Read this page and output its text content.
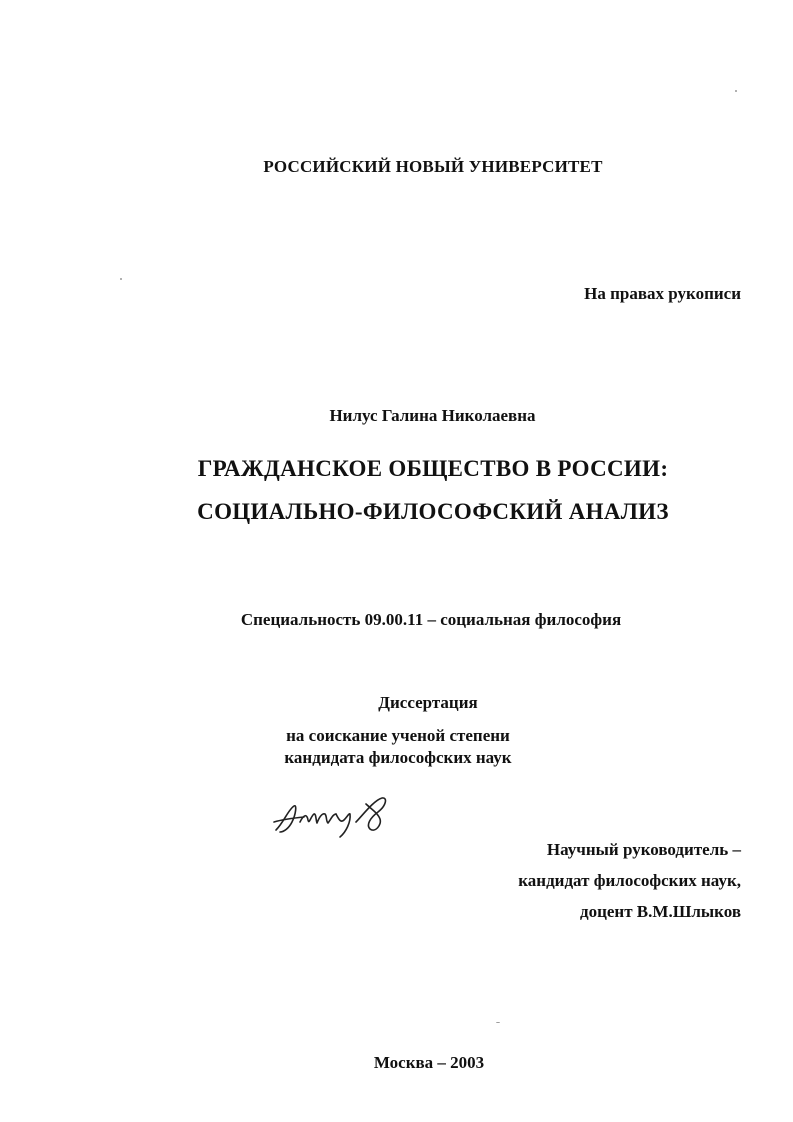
РОССИЙСКИЙ НОВЫЙ УНИВЕРСИТЕТ
На правах рукописи
Нилус Галина Николаевна
ГРАЖДАНСКОЕ ОБЩЕСТВО В РОССИИ:
СОЦИАЛЬНО-ФИЛОСОФСКИЙ АНАЛИЗ
Специальность 09.00.11 – социальная философия
Диссертация
на соискание ученой степени
кандидата философских наук
Научный руководитель –
кандидат философских наук,
доцент В.М.Шлыков
Москва – 2003
